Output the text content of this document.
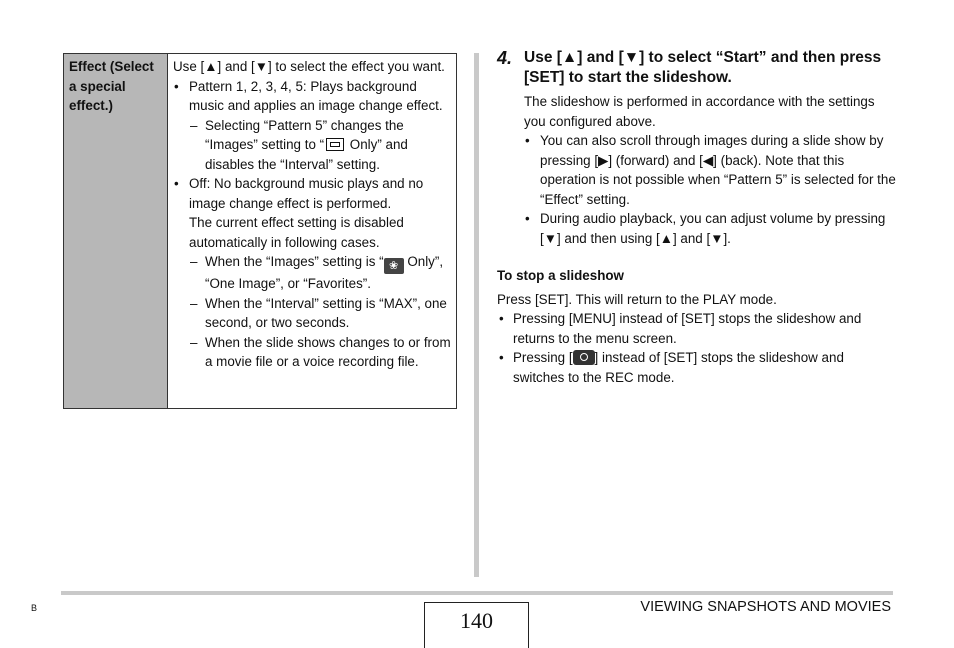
Effect (Select a special effect.)
Use [▲] and [▼] to select the effect you want.
• Pattern 1, 2, 3, 4, 5: Plays background music and applies an image change effect.
– Selecting “Pattern 5” changes the “Images” setting to “ Only” and disables the “Interval” setting.
• Off: No background music plays and no image change effect is performed.
The current effect setting is disabled automatically in following cases.
– When the “Images” setting is “ ❀ Only”, “One Image”, or “Favorites”.
– When the “Interval” setting is “MAX”, one second, or two seconds.
– When the slide shows changes to or from a movie file or a voice recording file.
4. Use [▲] and [▼] to select “Start” and then press [SET] to start the slideshow.
The slideshow is performed in accordance with the settings you configured above.
• You can also scroll through images during a slide show by pressing [▶] (forward) and [◀] (back). Note that this operation is not possible when “Pattern 5” is selected for the “Effect” setting.
• During audio playback, you can adjust volume by pressing [▼] and then using [▲] and [▼].
To stop a slideshow
Press [SET]. This will return to the PLAY mode.
• Pressing [MENU] instead of [SET] stops the slideshow and returns to the menu screen.
• Pressing [ ] instead of [SET] stops the slideshow and switches to the REC mode.
B	140
VIEWING SNAPSHOTS AND MOVIES
